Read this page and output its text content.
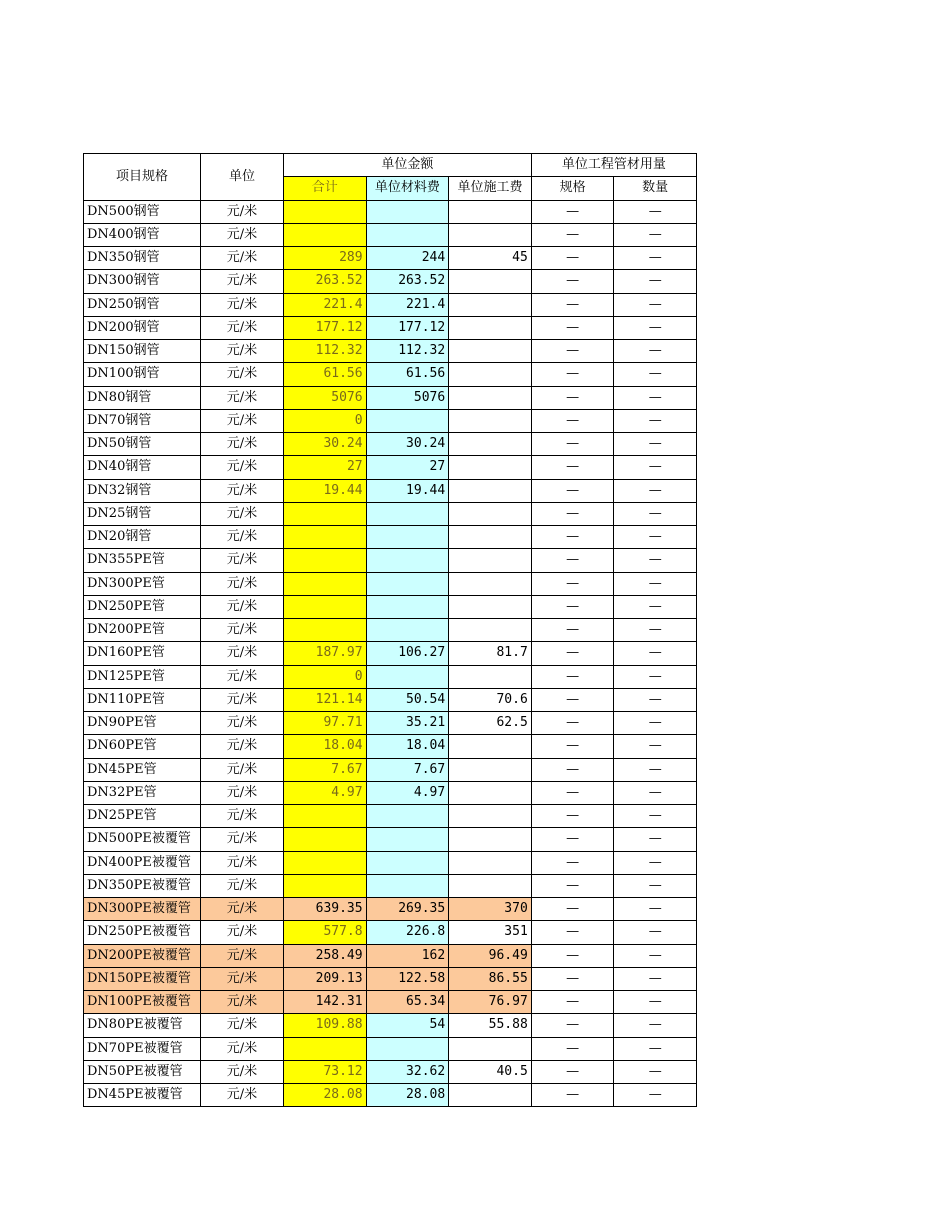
项目规格	单位	单位金额			单位工程管材用量	
		合计	单位材料费	单位施工费	规格	数量
DN500钢管	元/米				—	—
DN400钢管	元/米				—	—
DN350钢管	元/米	289	244	45	—	—
DN300钢管	元/米	263.52	263.52		—	—
DN250钢管	元/米	221.4	221.4		—	—
DN200钢管	元/米	177.12	177.12		—	—
DN150钢管	元/米	112.32	112.32		—	—
DN100钢管	元/米	61.56	61.56		—	—
DN80钢管	元/米	5076	5076		—	—
DN70钢管	元/米	0			—	—
DN50钢管	元/米	30.24	30.24		—	—
DN40钢管	元/米	27	27		—	—
DN32钢管	元/米	19.44	19.44		—	—
DN25钢管	元/米				—	—
DN20钢管	元/米				—	—
DN355PE管	元/米				—	—
DN300PE管	元/米				—	—
DN250PE管	元/米				—	—
DN200PE管	元/米				—	—
DN160PE管	元/米	187.97	106.27	81.7	—	—
DN125PE管	元/米	0			—	—
DN110PE管	元/米	121.14	50.54	70.6	—	—
DN90PE管	元/米	97.71	35.21	62.5	—	—
DN60PE管	元/米	18.04	18.04		—	—
DN45PE管	元/米	7.67	7.67		—	—
DN32PE管	元/米	4.97	4.97		—	—
DN25PE管	元/米				—	—
DN500PE被覆管	元/米				—	—
DN400PE被覆管	元/米				—	—
DN350PE被覆管	元/米				—	—
DN300PE被覆管	元/米	639.35	269.35	370	—	—
DN250PE被覆管	元/米	577.8	226.8	351	—	—
DN200PE被覆管	元/米	258.49	162	96.49	—	—
DN150PE被覆管	元/米	209.13	122.58	86.55	—	—
DN100PE被覆管	元/米	142.31	65.34	76.97	—	—
DN80PE被覆管	元/米	109.88	54	55.88	—	—
DN70PE被覆管	元/米				—	—
DN50PE被覆管	元/米	73.12	32.62	40.5	—	—
DN45PE被覆管	元/米	28.08	28.08		—	—
